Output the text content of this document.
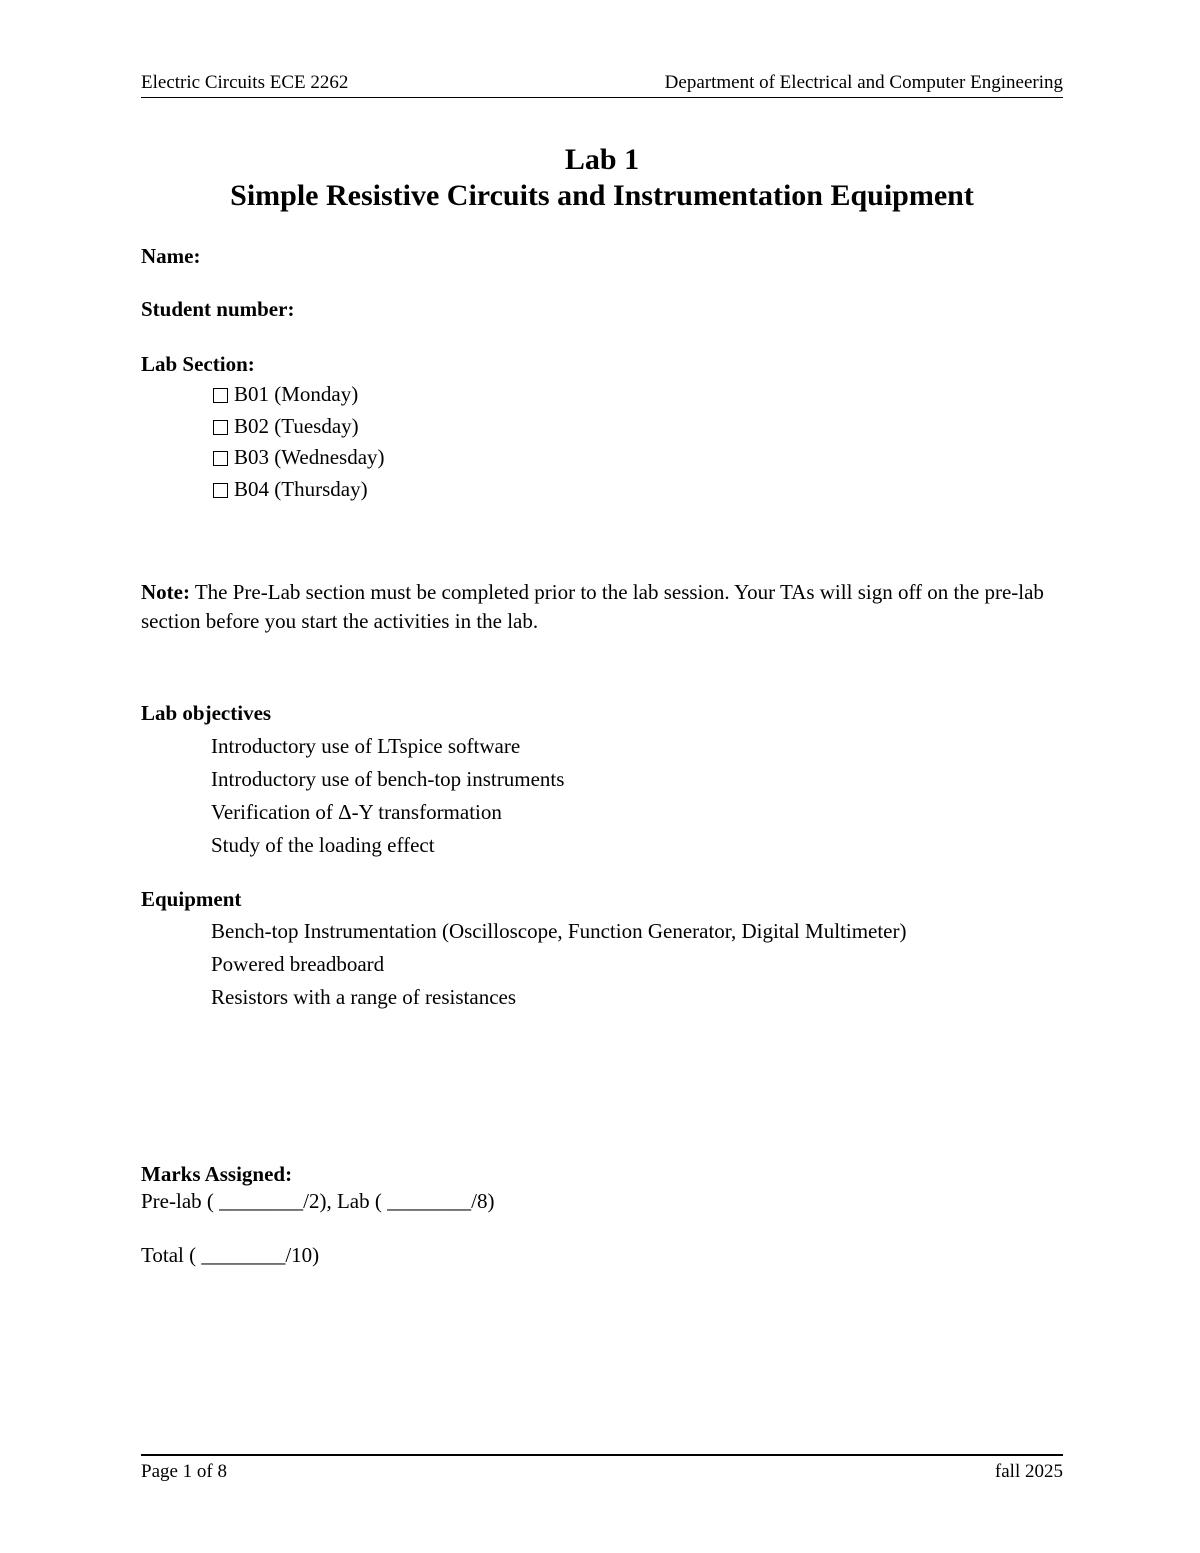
Electric Circuits ECE 2262	Department of Electrical and Computer Engineering
Lab 1
Simple Resistive Circuits and Instrumentation Equipment
Name:
Student number:
Lab Section:
B01 (Monday)
B02 (Tuesday)
B03 (Wednesday)
B04 (Thursday)
Note: The Pre-Lab section must be completed prior to the lab session. Your TAs will sign off on the pre-lab section before you start the activities in the lab.
Lab objectives
Introductory use of LTspice software
Introductory use of bench-top instruments
Verification of Δ-Y transformation
Study of the loading effect
Equipment
Bench-top Instrumentation (Oscilloscope, Function Generator, Digital Multimeter)
Powered breadboard
Resistors with a range of resistances
Marks Assigned:
Pre-lab ( ________/2), Lab ( ________/8)
Total ( ________/10)
Page 1 of 8	fall 2025
